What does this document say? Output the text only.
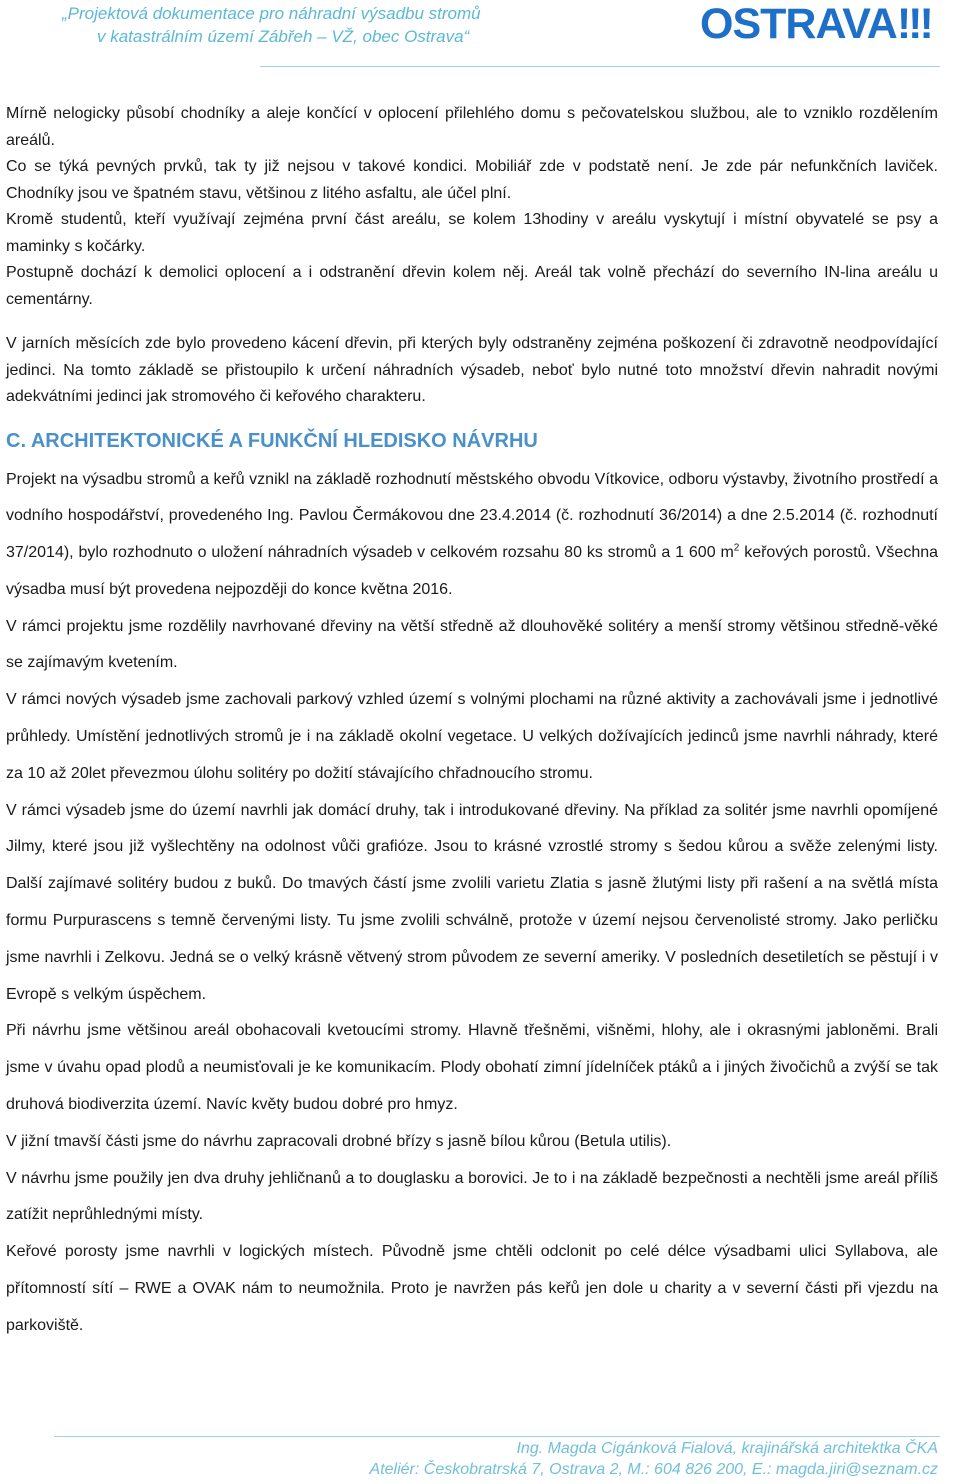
„Projektová dokumentace pro náhradní výsadbu stromů
v katastrálním území Zábřeh – VŽ, obec Ostrava“	OSTRAVA!!!

Mírně nelogicky působí chodníky a aleje končící v oplocení přilehlého domu s pečovatelskou službou, ale to vzniklo rozdělením areálů.

Co se týká pevných prvků, tak ty již nejsou v takové kondici. Mobiliář zde v podstatě není. Je zde pár nefunkčních laviček. Chodníky jsou ve špatném stavu, většinou z litého asfaltu, ale účel plní.

Kromě studentů, kteří využívají zejména první část areálu, se kolem 13hodiny v areálu vyskytují i místní obyvatelé se psy a maminky s kočárky.

Postupně dochází k demolici oplocení a i odstranění dřevin kolem něj. Areál tak volně přechází do severního IN-lina areálu u cementárny.

V jarních měsících zde bylo provedeno kácení dřevin, při kterých byly odstraněny zejména poškození či zdravotně neodpovídající jedinci. Na tomto základě se přistoupilo k určení náhradních výsadeb, neboť bylo nutné toto množství dřevin nahradit novými adekvátními jedinci jak stromového či keřového charakteru.

C. ARCHITEKTONICKÉ A FUNKČNÍ HLEDISKO NÁVRHU

Projekt na výsadbu stromů a keřů vznikl na základě rozhodnutí městského obvodu Vítkovice, odboru výstavby, životního prostředí a vodního hospodářství, provedeného Ing. Pavlou Čermákovou dne 23.4.2014 (č. rozhodnutí 36/2014) a dne 2.5.2014 (č. rozhodnutí 37/2014), bylo rozhodnuto o uložení náhradních výsadeb v celkovém rozsahu 80 ks stromů a 1 600 $m^2$ keřových porostů. Všechna výsadba musí být provedena nejpozději do konce května 2016.

V rámci projektu jsme rozdělily navrhované dřeviny na větší středně až dlouhověké solitéry a menší stromy většinou středně-věké se zajímavým kvetením.

V rámci nových výsadeb jsme zachovali parkový vzhled území s volnými plochami na různé aktivity a zachovávali jsme i jednotlivé průhledy. Umístění jednotlivých stromů je i na základě okolní vegetace. U velkých dožívajících jedinců jsme navrhli náhrady, které za 10 až 20let převezmou úlohu solitéry po dožití stávajícího chřadnoucího stromu.

V rámci výsadeb jsme do území navrhli jak domácí druhy, tak i introdukované dřeviny. Na příklad za solitér jsme navrhli opomíjené Jilmy, které jsou již vyšlechtěny na odolnost vůči grafióze. Jsou to krásné vzrostlé stromy s šedou kůrou a svěže zelenými listy. Další zajímavé solitéry budou z buků. Do tmavých částí jsme zvolili varietu Zlatia s jasně žlutými listy při rašení a na světlá místa formu Purpurascens s temně červenými listy. Tu jsme zvolili schválně, protože v území nejsou červenolisté stromy. Jako perličku jsme navrhli i Zelkovu. Jedná se o velký krásně větvený strom původem ze severní ameriky. V posledních desetiletích se pěstují i v Evropě s velkým úspěchem.

Při návrhu jsme většinou areál obohacovali kvetoucími stromy. Hlavně třešněmi, višněmi, hlohy, ale i okrasnými jabloněmi. Brali jsme v úvahu opad plodů a neumisťovali je ke komunikacím. Plody obohatí zimní jídelníček ptáků a i jiných živočichů a zvýší se tak druhová biodiverzita území. Navíc květy budou dobré pro hmyz.

V jižní tmavší části jsme do návrhu zapracovali drobné břízy s jasně bílou kůrou (Betula utilis).

V návrhu jsme použily jen dva druhy jehličnanů a to douglasku a borovici. Je to i na základě bezpečnosti a nechtěli jsme areál příliš zatížit neprůhlednými místy.

Keřové porosty jsme navrhli v logických místech. Původně jsme chtěli odclonit po celé délce výsadbami ulici Syllabova, ale přítomností sítí – RWE a OVAK nám to neumožnila. Proto je navržen pás keřů jen dole u charity a v severní části při vjezdu na parkoviště.

Ing. Magda Cigánková Fialová, krajinářská architektka ČKA
Ateliér: Českobratrská 7, Ostrava 2, M.: 604 826 200, E.: magda.jiri@seznam.cz
